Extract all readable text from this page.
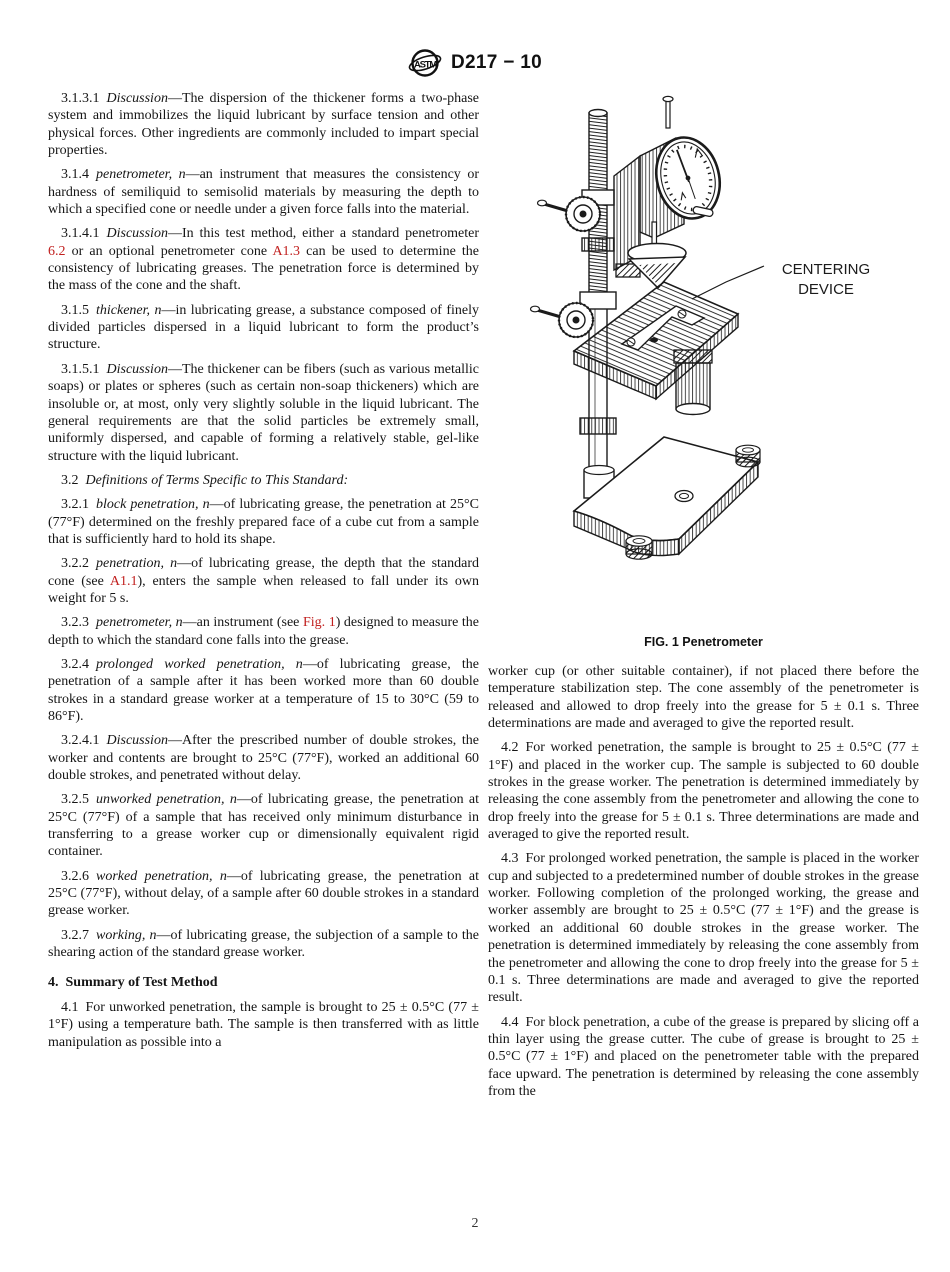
ASTM D217 − 10

3.1.3.1 Discussion—The dispersion of the thickener forms a two-phase system and immobilizes the liquid lubricant by surface tension and other physical forces. Other ingredients are commonly included to impart special properties.

3.1.4 penetrometer, n—an instrument that measures the consistency or hardness of semiliquid to semisolid materials by measuring the depth to which a specified cone or needle under a given force falls into the material.

3.1.4.1 Discussion—In this test method, either a standard penetrometer 6.2 or an optional penetrometer cone A1.3 can be used to determine the consistency of lubricating greases. The penetration force is determined by the mass of the cone and the shaft.

3.1.5 thickener, n—in lubricating grease, a substance composed of finely divided particles dispersed in a liquid lubricant to form the product’s structure.

3.1.5.1 Discussion—The thickener can be fibers (such as various metallic soaps) or plates or spheres (such as certain non-soap thickeners) which are insoluble or, at most, only very slightly soluble in the liquid lubricant. The general requirements are that the solid particles be extremely small, uniformly dispersed, and capable of forming a relatively stable, gel-like structure with the liquid lubricant.

3.2 Definitions of Terms Specific to This Standard:

3.2.1 block penetration, n—of lubricating grease, the penetration at 25°C (77°F) determined on the freshly prepared face of a cube cut from a sample that is sufficiently hard to hold its shape.

3.2.2 penetration, n—of lubricating grease, the depth that the standard cone (see A1.1), enters the sample when released to fall under its own weight for 5 s.

3.2.3 penetrometer, n—an instrument (see Fig. 1) designed to measure the depth to which the standard cone falls into the grease.

3.2.4 prolonged worked penetration, n—of lubricating grease, the penetration of a sample after it has been worked more than 60 double strokes in a standard grease worker at a temperature of 15 to 30°C (59 to 86°F).

3.2.4.1 Discussion—After the prescribed number of double strokes, the worker and contents are brought to 25°C (77°F), worked an additional 60 double strokes, and penetrated without delay.

3.2.5 unworked penetration, n—of lubricating grease, the penetration at 25°C (77°F) of a sample that has received only minimum disturbance in transferring to a grease worker cup or dimensionally equivalent rigid container.

3.2.6 worked penetration, n—of lubricating grease, the penetration at 25°C (77°F), without delay, of a sample after 60 double strokes in a standard grease worker.

3.2.7 working, n—of lubricating grease, the subjection of a sample to the shearing action of the standard grease worker.

4. Summary of Test Method

4.1 For unworked penetration, the sample is brought to 25 ± 0.5°C (77 ± 1°F) using a temperature bath. The sample is then transferred with as little manipulation as possible into a

CENTERING
DEVICE
FIG. 1 Penetrometer

worker cup (or other suitable container), if not placed there before the temperature stabilization step. The cone assembly of the penetrometer is released and allowed to drop freely into the grease for 5 ± 0.1 s. Three determinations are made and averaged to give the reported result.

4.2 For worked penetration, the sample is brought to 25 ± 0.5°C (77 ± 1°F) and placed in the worker cup. The sample is subjected to 60 double strokes in the grease worker. The penetration is determined immediately by releasing the cone assembly from the penetrometer and allowing the cone to drop freely into the grease for 5 ± 0.1 s. Three determinations are made and averaged to give the reported result.

4.3 For prolonged worked penetration, the sample is placed in the worker cup and subjected to a predetermined number of double strokes in the grease worker. Following completion of the prolonged working, the grease and worker assembly are brought to 25 ± 0.5°C (77 ± 1°F) and the grease is worked an additional 60 double strokes in the grease worker. The penetration is determined immediately by releasing the cone assembly from the penetrometer and allowing the cone to drop freely into the grease for 5 ± 0.1 s. Three determinations are made and averaged to give the reported result.

4.4 For block penetration, a cube of the grease is prepared by slicing off a thin layer using the grease cutter. The cube of grease is brought to 25 ± 0.5°C (77 ± 1°F) and placed on the penetrometer table with the prepared face upward. The penetration is determined by releasing the cone assembly from the

2
